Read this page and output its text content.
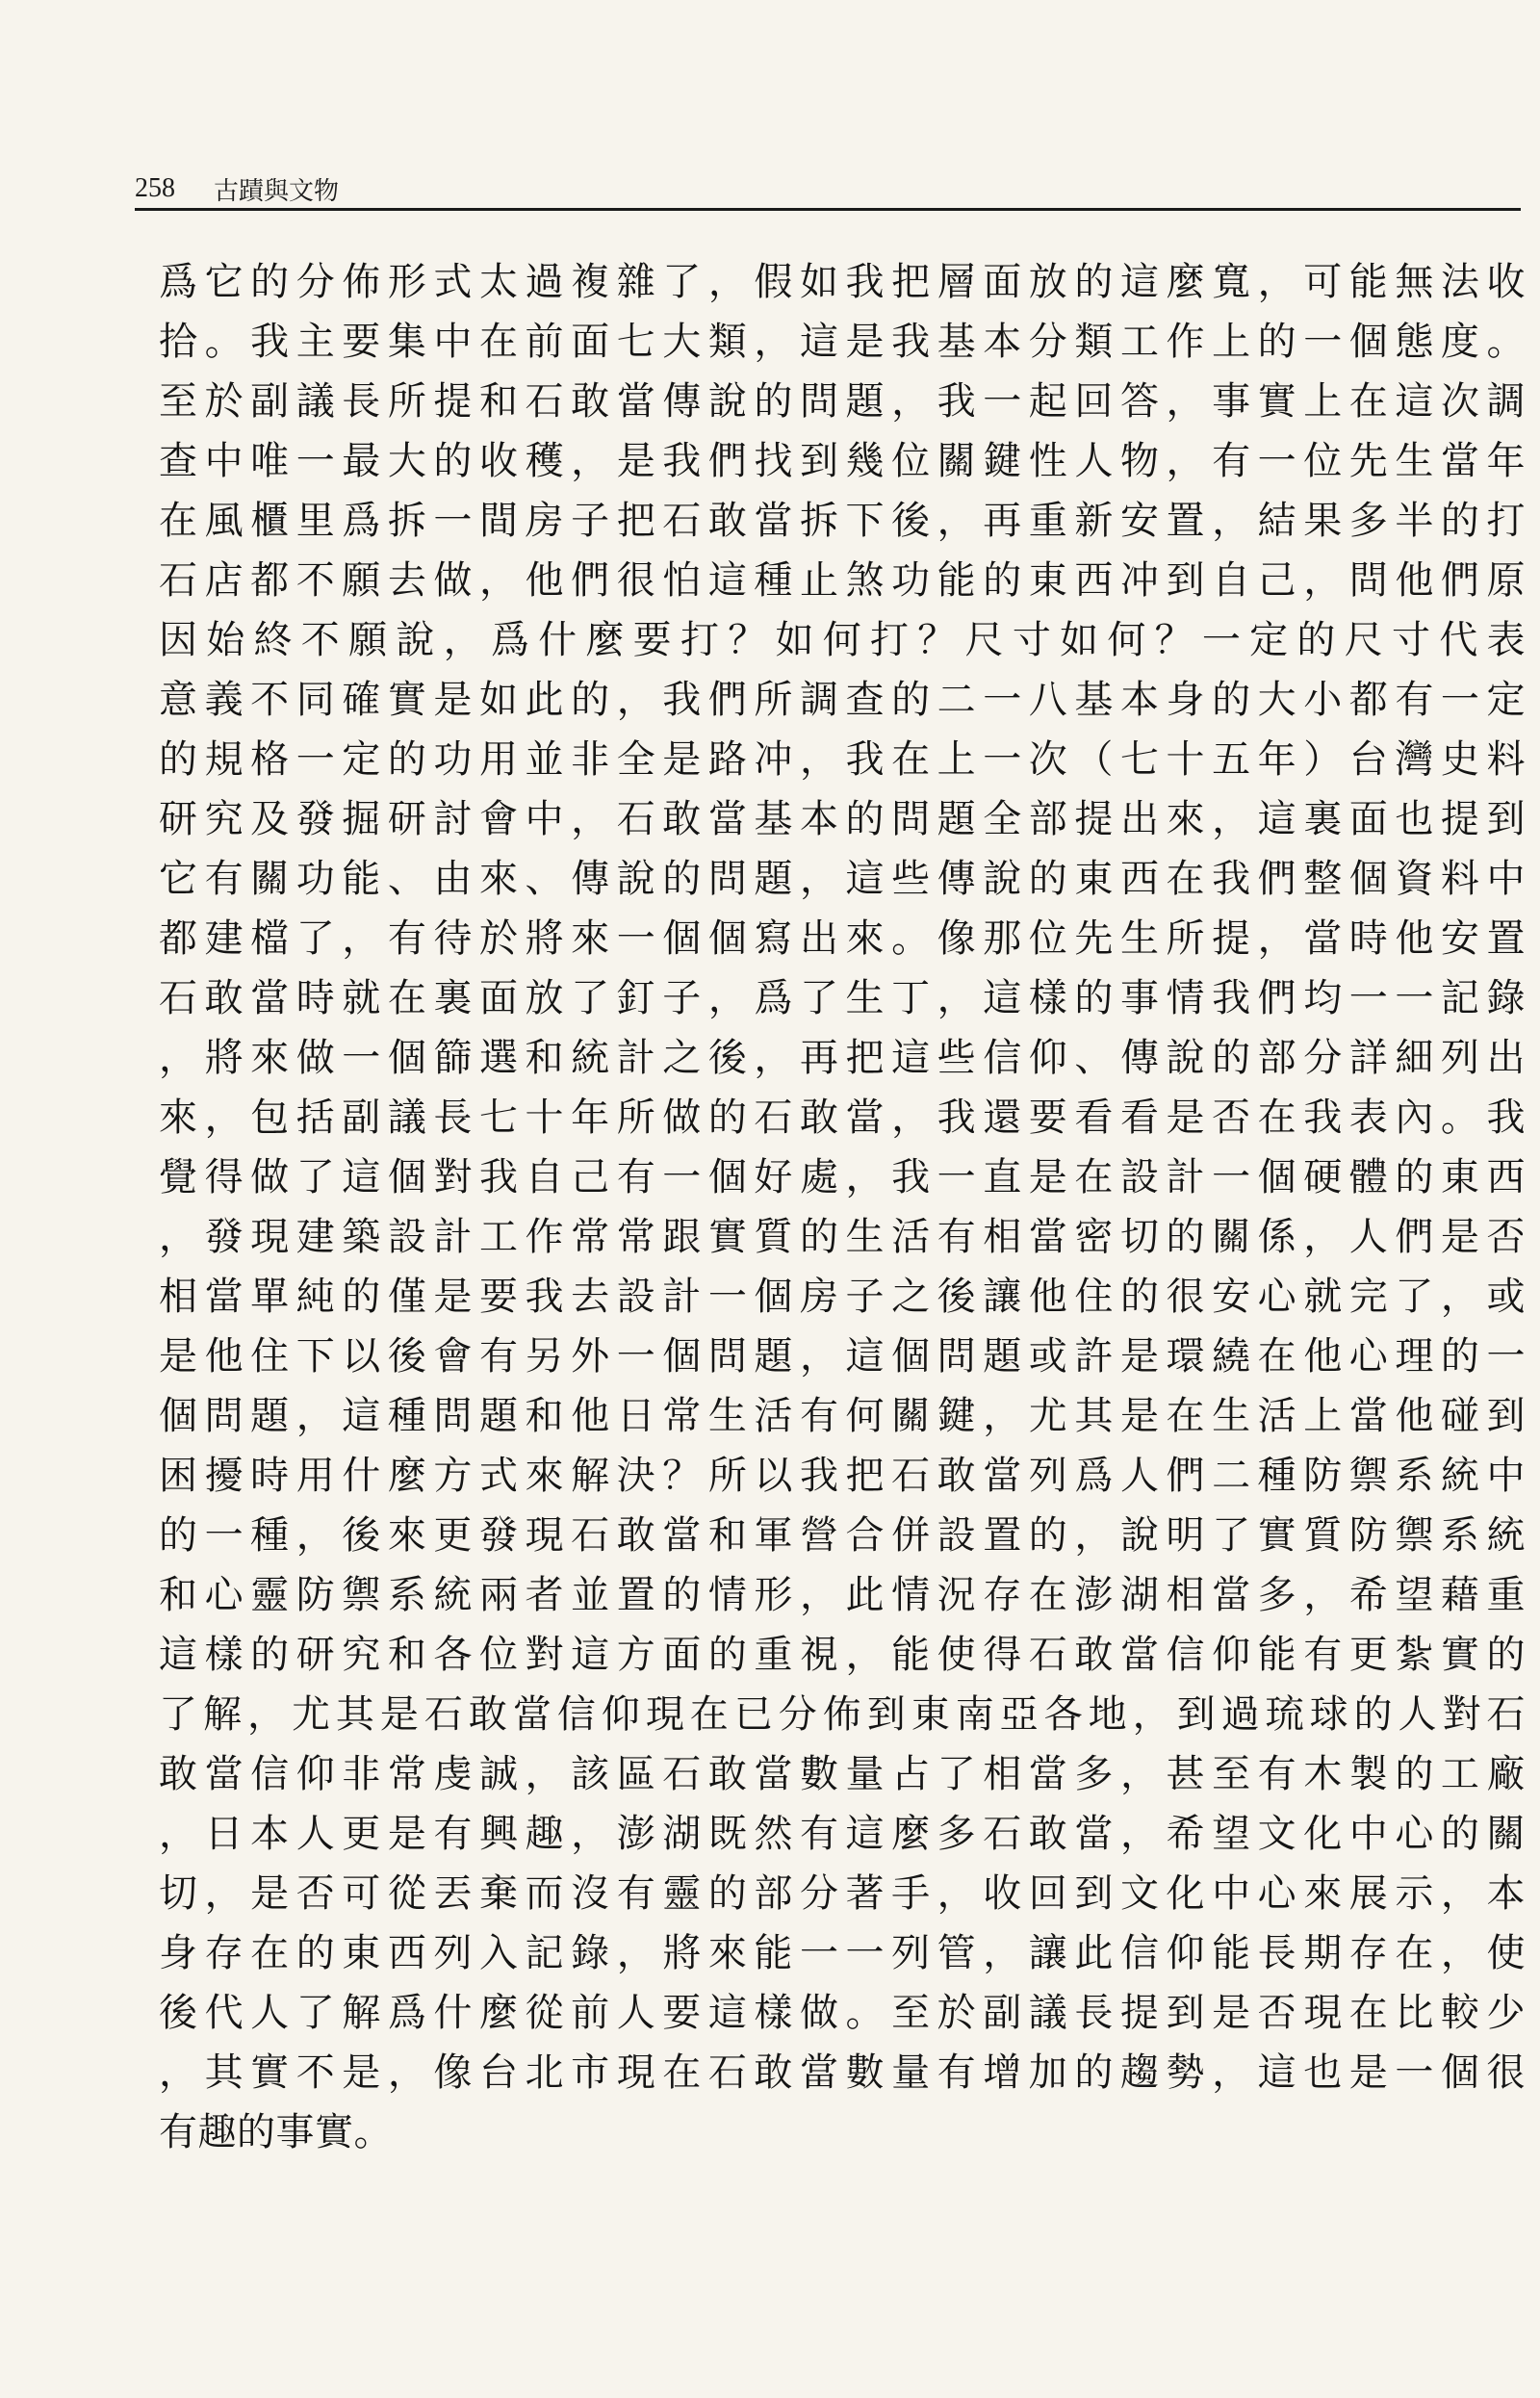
258 古蹟與文物
爲它的分佈形式太過複雜了，假如我把層面放的這麼寬，可能無法收
拾。我主要集中在前面七大類，這是我基本分類工作上的一個態度。
至於副議長所提和石敢當傳說的問題，我一起回答，事實上在這次調
查中唯一最大的收穫，是我們找到幾位關鍵性人物，有一位先生當年
在風櫃里爲拆一間房子把石敢當拆下後，再重新安置，結果多半的打
石店都不願去做，他們很怕這種止煞功能的東西冲到自己，問他們原
因始終不願說，爲什麼要打？如何打？尺寸如何？一定的尺寸代表
意義不同確實是如此的，我們所調查的二一八基本身的大小都有一定
的規格一定的功用並非全是路冲，我在上一次（七十五年）台灣史料
研究及發掘研討會中，石敢當基本的問題全部提出來，這裏面也提到
它有關功能、由來、傳說的問題，這些傳說的東西在我們整個資料中
都建檔了，有待於將來一個個寫出來。像那位先生所提，當時他安置
石敢當時就在裏面放了釘子，爲了生丁，這樣的事情我們均一一記錄
，將來做一個篩選和統計之後，再把這些信仰、傳說的部分詳細列出
來，包括副議長七十年所做的石敢當，我還要看看是否在我表內。我
覺得做了這個對我自己有一個好處，我一直是在設計一個硬體的東西
，發現建築設計工作常常跟實質的生活有相當密切的關係，人們是否
相當單純的僅是要我去設計一個房子之後讓他住的很安心就完了，或
是他住下以後會有另外一個問題，這個問題或許是環繞在他心理的一
個問題，這種問題和他日常生活有何關鍵，尤其是在生活上當他碰到
困擾時用什麼方式來解決？所以我把石敢當列爲人們二種防禦系統中
的一種，後來更發現石敢當和軍營合併設置的，說明了實質防禦系統
和心靈防禦系統兩者並置的情形，此情況存在澎湖相當多，希望藉重
這樣的研究和各位對這方面的重視，能使得石敢當信仰能有更紮實的
了解，尤其是石敢當信仰現在已分佈到東南亞各地，到過琉球的人對石
敢當信仰非常虔誠，該區石敢當數量占了相當多，甚至有木製的工廠
，日本人更是有興趣，澎湖既然有這麼多石敢當，希望文化中心的關
切，是否可從丟棄而沒有靈的部分著手，收回到文化中心來展示，本
身存在的東西列入記錄，將來能一一列管，讓此信仰能長期存在，使
後代人了解爲什麼從前人要這樣做。至於副議長提到是否現在比較少
，其實不是，像台北市現在石敢當數量有增加的趨勢，這也是一個很
有趣的事實。
